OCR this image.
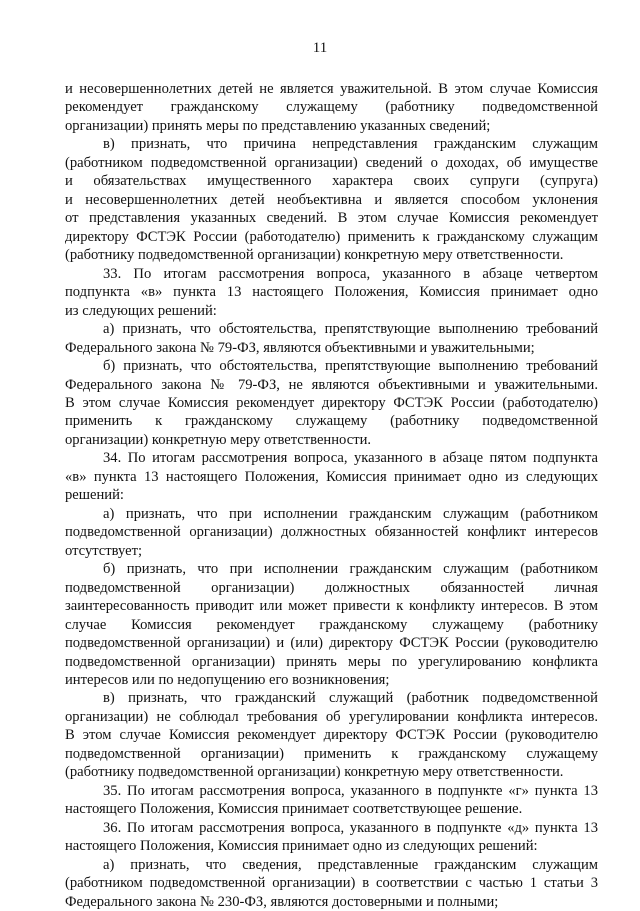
11
и несовершеннолетних детей не является уважительной. В этом случае Комиссия
рекомендует гражданскому служащему (работнику подведомственной
организации) принять меры по представлению указанных сведений;
в) признать, что причина непредставления гражданским служащим
(работником подведомственной организации) сведений о доходах, об имуществе
и обязательствах имущественного характера своих супруги (супруга)
и несовершеннолетних детей необъективна и является способом уклонения
от представления указанных сведений. В этом случае Комиссия рекомендует
директору ФСТЭК России (работодателю) применить к гражданскому служащим
(работнику подведомственной организации) конкретную меру ответственности.
33. По итогам рассмотрения вопроса, указанного в абзаце четвертом
подпункта «в» пункта 13 настоящего Положения, Комиссия принимает одно
из следующих решений:
а) признать, что обстоятельства, препятствующие выполнению требований
Федерального закона № 79-ФЗ, являются объективными и уважительными;
б) признать, что обстоятельства, препятствующие выполнению требований
Федерального закона № 79-ФЗ, не являются объективными и уважительными.
В этом случае Комиссия рекомендует директору ФСТЭК России (работодателю)
применить к гражданскому служащему (работнику подведомственной
организации) конкретную меру ответственности.
34. По итогам рассмотрения вопроса, указанного в абзаце пятом подпункта
«в» пункта 13 настоящего Положения, Комиссия принимает одно из следующих
решений:
а) признать, что при исполнении гражданским служащим (работником
подведомственной организации) должностных обязанностей конфликт интересов
отсутствует;
б) признать, что при исполнении гражданским служащим (работником
подведомственной организации) должностных обязанностей личная
заинтересованность приводит или может привести к конфликту интересов. В этом
случае Комиссия рекомендует гражданскому служащему (работнику
подведомственной организации) и (или) директору ФСТЭК России (руководителю
подведомственной организации) принять меры по урегулированию конфликта
интересов или по недопущению его возникновения;
в) признать, что гражданский служащий (работник подведомственной
организации) не соблюдал требования об урегулировании конфликта интересов.
В этом случае Комиссия рекомендует директору ФСТЭК России (руководителю
подведомственной организации) применить к гражданскому служащему
(работнику подведомственной организации) конкретную меру ответственности.
35. По итогам рассмотрения вопроса, указанного в подпункте «г» пункта 13
настоящего Положения, Комиссия принимает соответствующее решение.
36. По итогам рассмотрения вопроса, указанного в подпункте «д» пункта 13
настоящего Положения, Комиссия принимает одно из следующих решений:
а) признать, что сведения, представленные гражданским служащим
(работником подведомственной организации) в соответствии с частью 1 статьи 3
Федерального закона № 230-ФЗ, являются достоверными и полными;
